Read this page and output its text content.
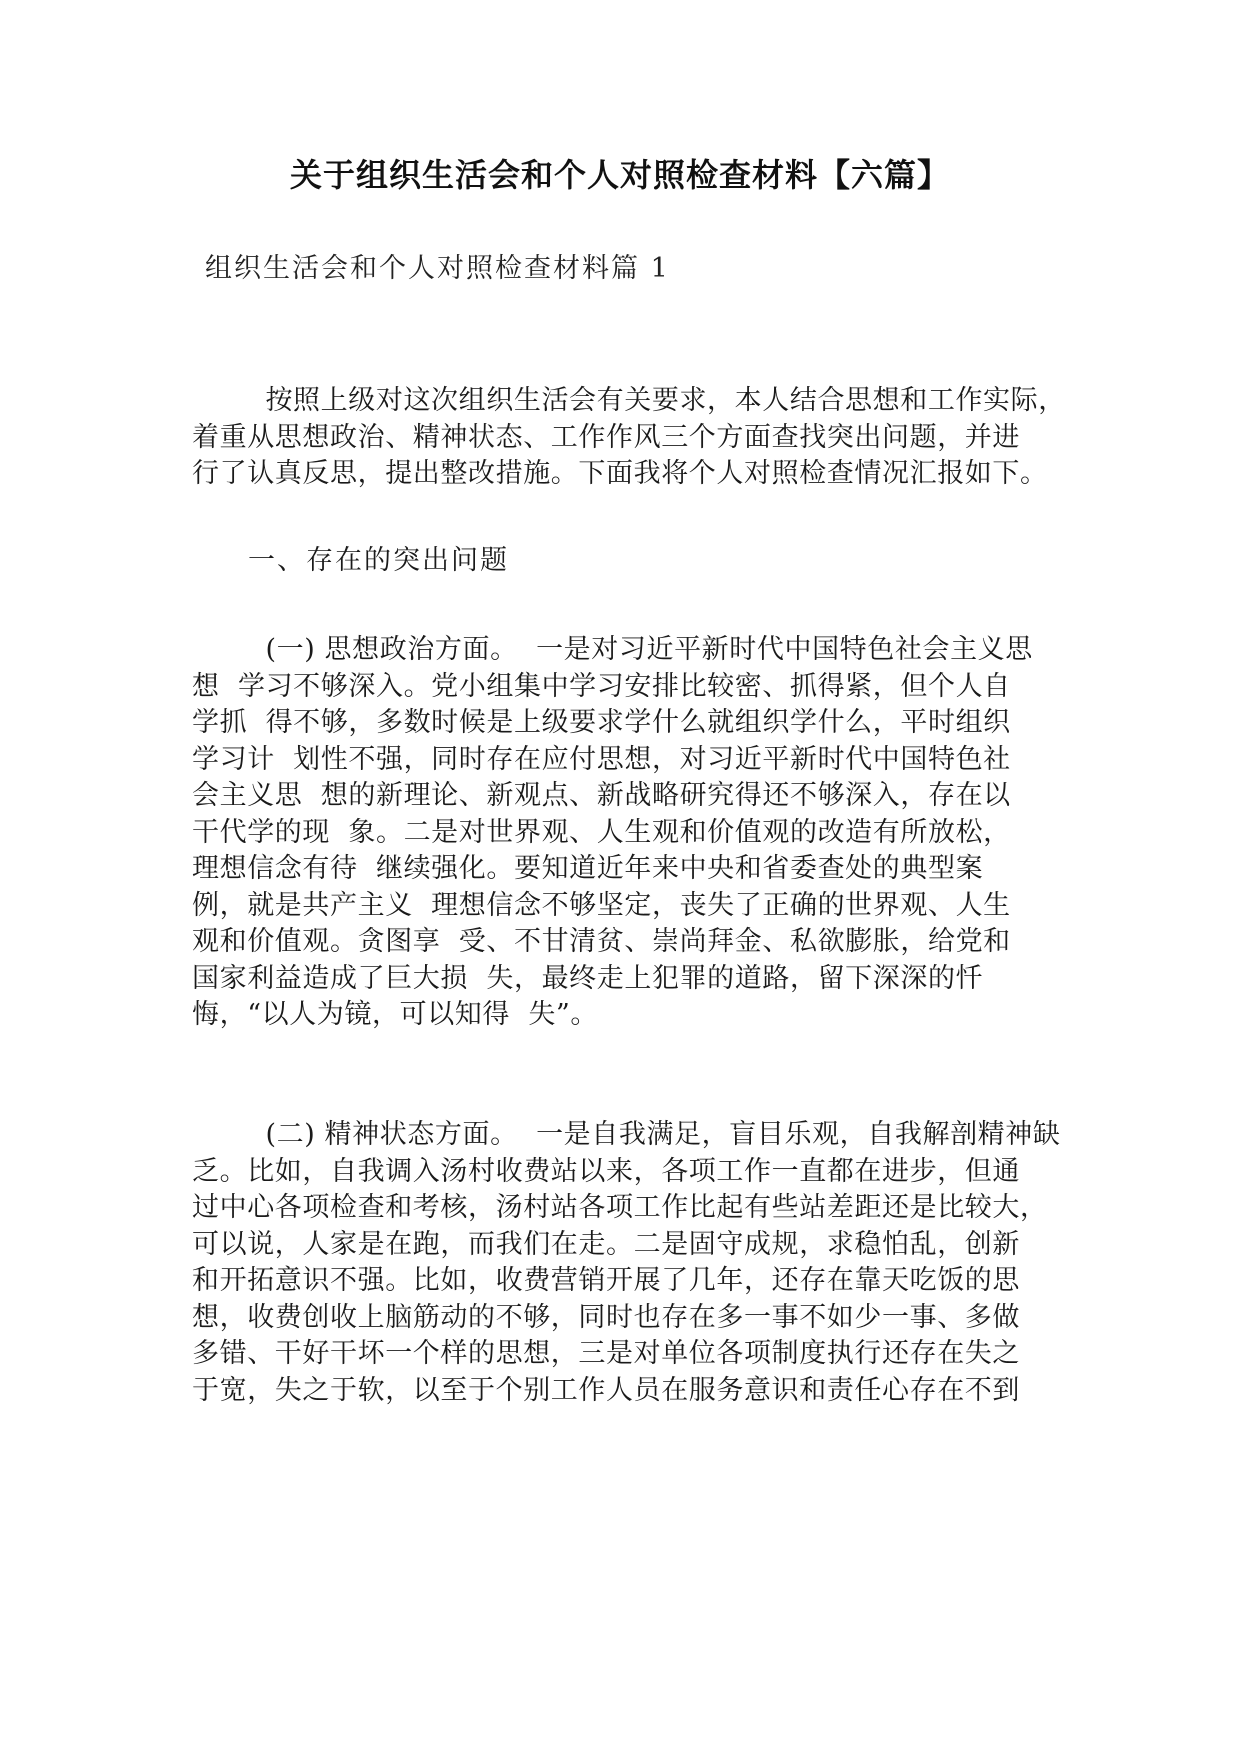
关于组织生活会和个人对照检查材料【六篇】
组织生活会和个人对照检查材料篇 1
按照上级对这次组织生活会有关要求，本人结合思想和工作实际，
着重从思想政治、精神状态、工作作风三个方面查找突出问题，并进
行了认真反思，提出整改措施。下面我将个人对照检查情况汇报如下。
一、存在的突出问题
(一) 思想政治方面。  一是对习近平新时代中国特色社会主义思
想  学习不够深入。党小组集中学习安排比较密、抓得紧，但个人自
学抓  得不够，多数时候是上级要求学什么就组织学什么，平时组织
学习计  划性不强，同时存在应付思想，对习近平新时代中国特色社
会主义思  想的新理论、新观点、新战略研究得还不够深入，存在以
干代学的现  象。二是对世界观、人生观和价值观的改造有所放松，
理想信念有待  继续强化。要知道近年来中央和省委查处的典型案
例，就是共产主义  理想信念不够坚定，丧失了正确的世界观、人生
观和价值观。贪图享  受、不甘清贫、崇尚拜金、私欲膨胀，给党和
国家利益造成了巨大损  失，最终走上犯罪的道路，留下深深的忏
悔，“以人为镜，可以知得  失”。
(二) 精神状态方面。  一是自我满足，盲目乐观，自我解剖精神缺
乏。比如，自我调入汤村收费站以来，各项工作一直都在进步，但通
过中心各项检查和考核，汤村站各项工作比起有些站差距还是比较大，
可以说，人家是在跑，而我们在走。二是固守成规，求稳怕乱，创新
和开拓意识不强。比如，收费营销开展了几年，还存在靠天吃饭的思
想，收费创收上脑筋动的不够，同时也存在多一事不如少一事、多做
多错、干好干坏一个样的思想，三是对单位各项制度执行还存在失之
于宽，失之于软，以至于个别工作人员在服务意识和责任心存在不到
